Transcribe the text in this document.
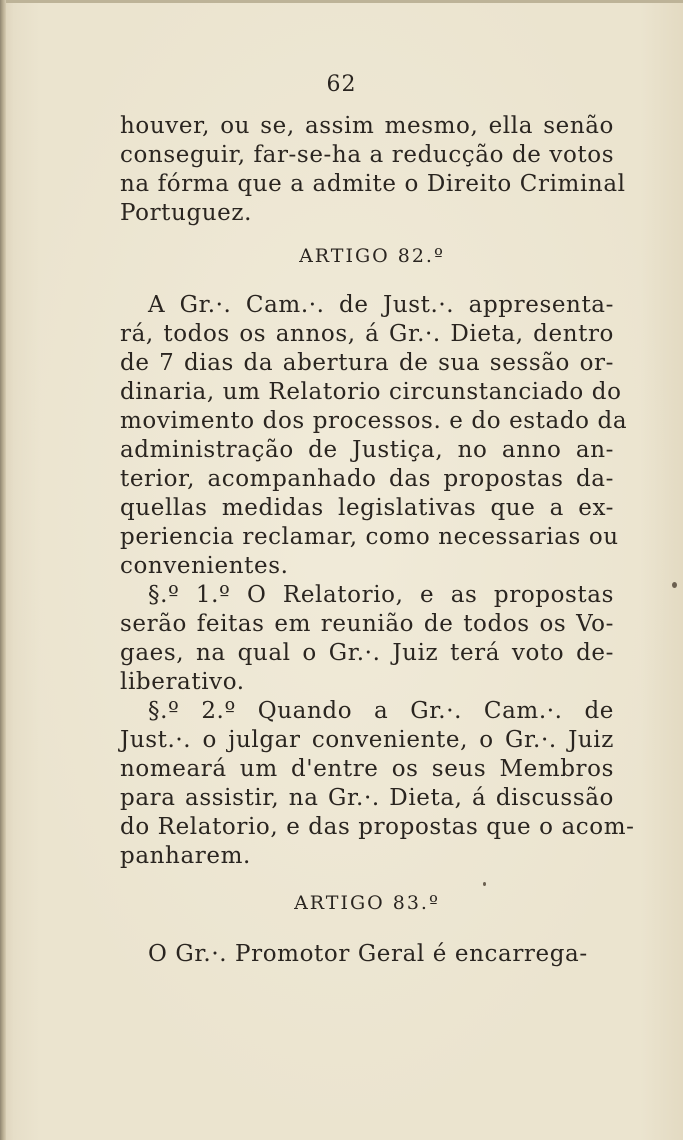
62
houver, ou se, assim mesmo, ella senão
conseguir, far-se-ha a reducção de votos
na fórma que a admite o Direito Criminal
Portuguez.
ARTIGO 82.º
A Gr.·. Cam.·. de Just.·. appresenta-
rá, todos os annos, á Gr.·. Dieta, dentro
de 7 dias da abertura de sua sessão or-
dinaria, um Relatorio circunstanciado do
movimento dos processos. e do estado da
administração de Justiça, no anno an-
terior, acompanhado das propostas da-
quellas medidas legislativas que a ex-
periencia reclamar, como necessarias ou
convenientes.
§.º 1.º O Relatorio, e as propostas
serão feitas em reunião de todos os Vo-
gaes, na qual o Gr.·. Juiz terá voto de-
liberativo.
§.º 2.º Quando a Gr.·. Cam.·. de
Just.·. o julgar conveniente, o Gr.·. Juiz
nomeará um d'entre os seus Membros
para assistir, na Gr.·. Dieta, á discussão
do Relatorio, e das propostas que o acom-
panharem.
ARTIGO 83.º
O Gr.·. Promotor Geral é encarrega-
